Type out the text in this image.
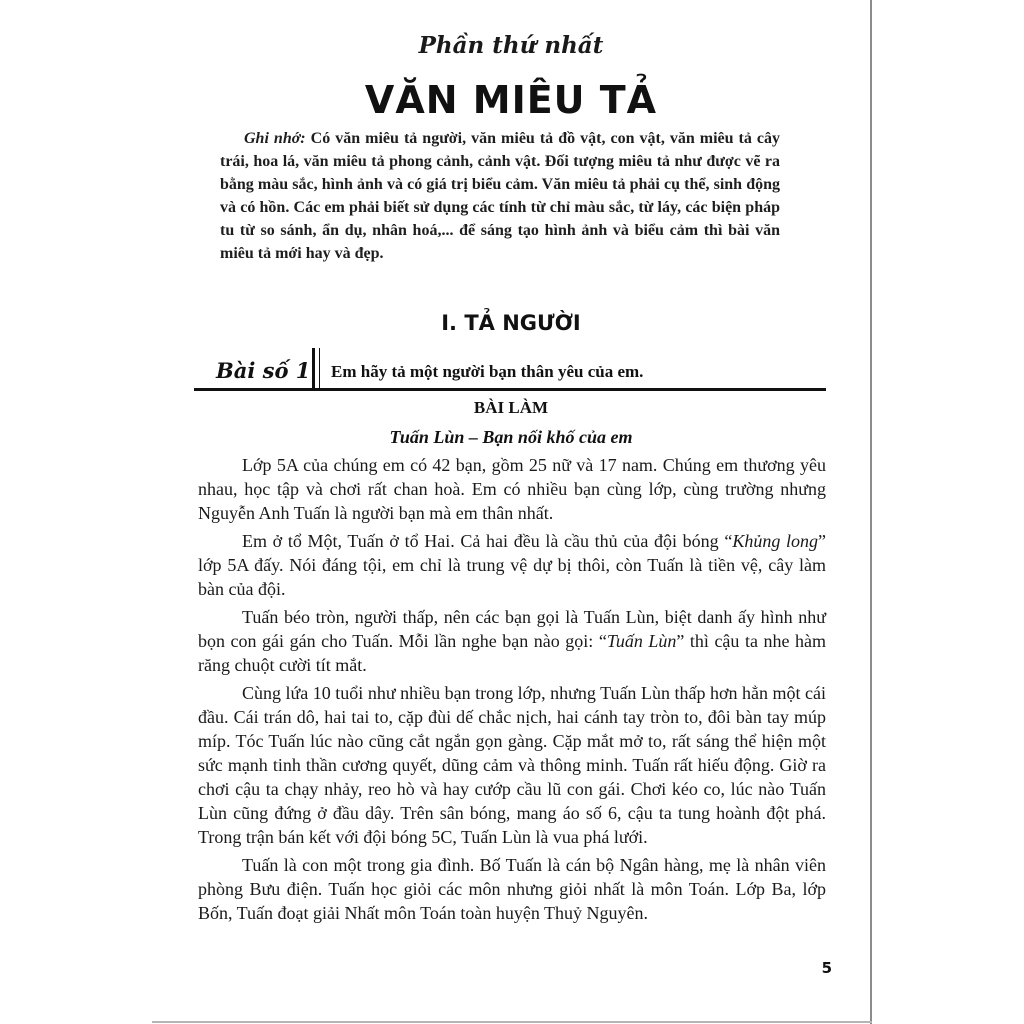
Phần thứ nhất
VĂN MIÊU TẢ
Ghi nhớ: Có văn miêu tả người, văn miêu tả đồ vật, con vật, văn miêu tả cây trái, hoa lá, văn miêu tả phong cảnh, cảnh vật. Đối tượng miêu tả như được vẽ ra bằng màu sắc, hình ảnh và có giá trị biểu cảm. Văn miêu tả phải cụ thể, sinh động và có hồn. Các em phải biết sử dụng các tính từ chỉ màu sắc, từ láy, các biện pháp tu từ so sánh, ẩn dụ, nhân hoá,... để sáng tạo hình ảnh và biểu cảm thì bài văn miêu tả mới hay và đẹp.
I. TẢ NGƯỜI
Bài số 1 Em hãy tả một người bạn thân yêu của em.
BÀI LÀM
Tuấn Lùn – Bạn nối khố của em

Lớp 5A của chúng em có 42 bạn, gồm 25 nữ và 17 nam. Chúng em thương yêu nhau, học tập và chơi rất chan hoà. Em có nhiều bạn cùng lớp, cùng trường nhưng Nguyễn Anh Tuấn là người bạn mà em thân nhất.

Em ở tổ Một, Tuấn ở tổ Hai. Cả hai đều là cầu thủ của đội bóng “Khủng long” lớp 5A đấy. Nói đáng tội, em chỉ là trung vệ dự bị thôi, còn Tuấn là tiền vệ, cây làm bàn của đội.

Tuấn béo tròn, người thấp, nên các bạn gọi là Tuấn Lùn, biệt danh ấy hình như bọn con gái gán cho Tuấn. Mỗi lần nghe bạn nào gọi: “Tuấn Lùn” thì cậu ta nhe hàm răng chuột cười tít mắt.

Cùng lứa 10 tuổi như nhiều bạn trong lớp, nhưng Tuấn Lùn thấp hơn hẳn một cái đầu. Cái trán dô, hai tai to, cặp đùi dế chắc nịch, hai cánh tay tròn to, đôi bàn tay múp míp. Tóc Tuấn lúc nào cũng cắt ngắn gọn gàng. Cặp mắt mở to, rất sáng thể hiện một sức mạnh tinh thần cương quyết, dũng cảm và thông minh. Tuấn rất hiếu động. Giờ ra chơi cậu ta chạy nhảy, reo hò và hay cướp cầu lũ con gái. Chơi kéo co, lúc nào Tuấn Lùn cũng đứng ở đầu dây. Trên sân bóng, mang áo số 6, cậu ta tung hoành đột phá. Trong trận bán kết với đội bóng 5C, Tuấn Lùn là vua phá lưới.

Tuấn là con một trong gia đình. Bố Tuấn là cán bộ Ngân hàng, mẹ là nhân viên phòng Bưu điện. Tuấn học giỏi các môn nhưng giỏi nhất là môn Toán. Lớp Ba, lớp Bốn, Tuấn đoạt giải Nhất môn Toán toàn huyện Thuỷ Nguyên.

5
